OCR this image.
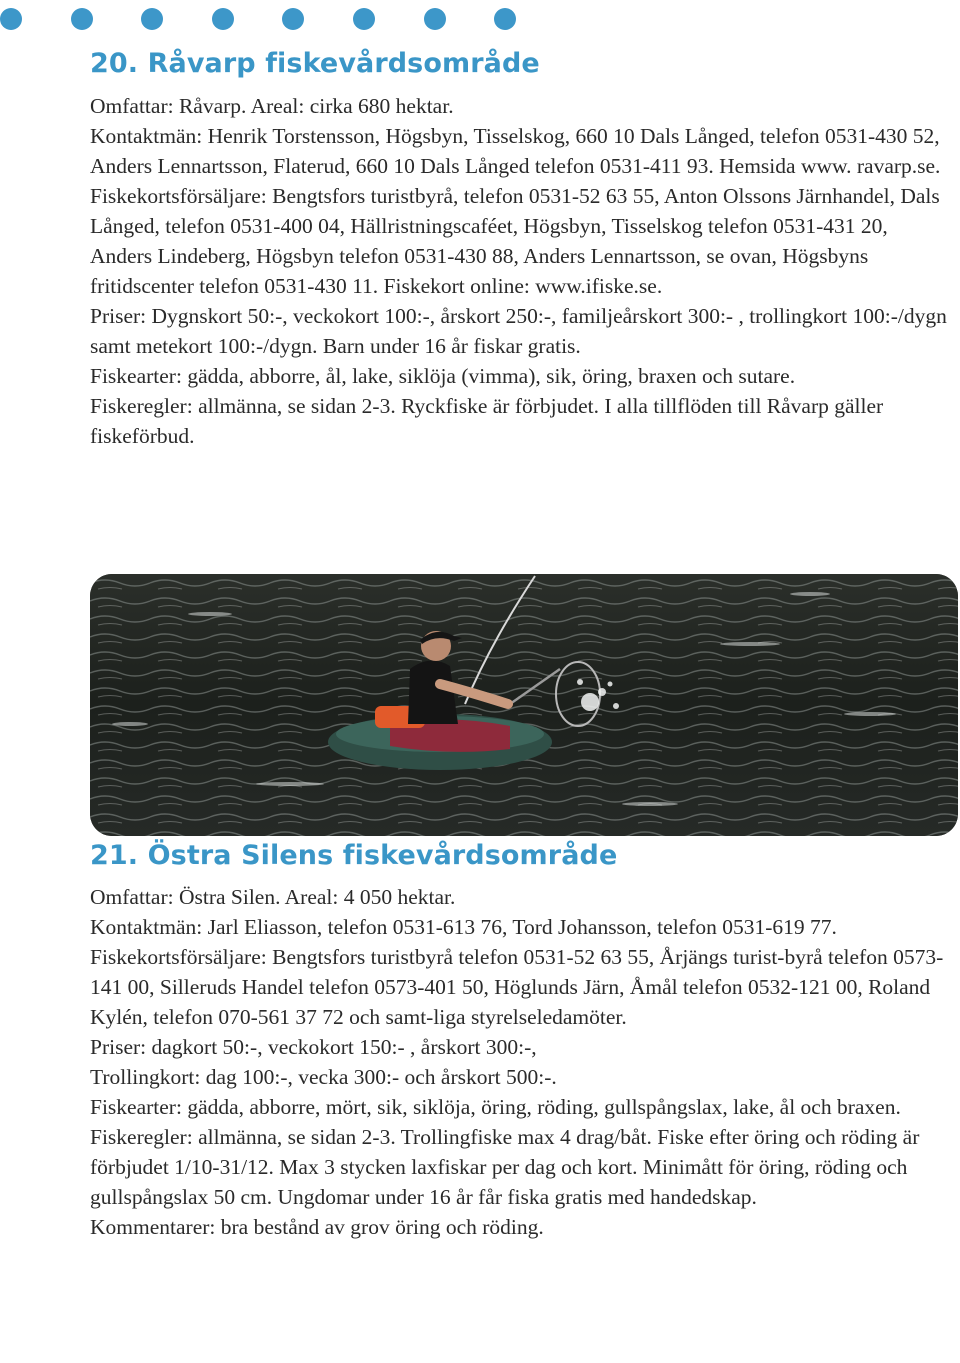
20. Råvarp fiskevårdsområde

Omfattar: Råvarp. Areal: cirka 680 hektar.

Kontaktmän: Henrik Torstensson, Högsbyn, Tisselskog, 660 10 Dals Långed, telefon 0531-430 52, Anders Lennartsson, Flaterud, 660 10 Dals Långed telefon 0531-411 93. Hemsida www. ravarp.se.

Fiskekortsförsäljare: Bengtsfors turistbyrå, telefon 0531-52 63 55, Anton Olssons Järnhandel, Dals Långed, telefon 0531-400 04, Hällristningscaféet, Högsbyn, Tisselskog telefon 0531-431 20, Anders Lindeberg, Högsbyn telefon 0531-430 88, Anders Lennartsson, se ovan, Högsbyns fritidscenter telefon 0531-430 11. Fiskekort online: www.ifiske.se.

Priser: Dygnskort 50:-, veckokort 100:-, årskort 250:-, familjeårskort 300:- , trollingkort 100:-/dygn samt metekort 100:-/dygn. Barn under 16 år fiskar gratis.

Fiskearter: gädda, abborre, ål, lake, siklöja (vimma), sik, öring, braxen och sutare.

Fiskeregler: allmänna, se sidan 2-3. Ryckfiske är förbjudet. I alla tillflöden till Råvarp gäller fiskeförbud.

21. Östra Silens fiskevårdsområde

Omfattar: Östra Silen. Areal: 4 050 hektar.

Kontaktmän: Jarl Eliasson, telefon 0531-613 76, Tord Johansson, telefon 0531-619 77.

Fiskekortsförsäljare: Bengtsfors turistbyrå telefon 0531-52 63 55, Årjängs turist-byrå telefon 0573-141 00, Silleruds Handel telefon 0573-401 50, Höglunds Järn, Åmål telefon 0532-121 00, Roland Kylén, telefon 070-561 37 72 och samt-liga styrelseledamöter.

Priser: dagkort 50:-, veckokort 150:- , årskort 300:-,

Trollingkort: dag 100:-, vecka 300:- och årskort 500:-.

Fiskearter: gädda, abborre, mört, sik, siklöja, öring, röding, gullspångslax, lake, ål och braxen.

Fiskeregler: allmänna, se sidan 2-3. Trollingfiske max 4 drag/båt. Fiske efter öring och röding är förbjudet 1/10-31/12. Max 3 stycken laxfiskar per dag och kort. Minimått för öring, röding och gullspångslax 50 cm. Ungdomar under 16 år får fiska gratis med handedskap.

Kommentarer: bra bestånd av grov öring och röding.
